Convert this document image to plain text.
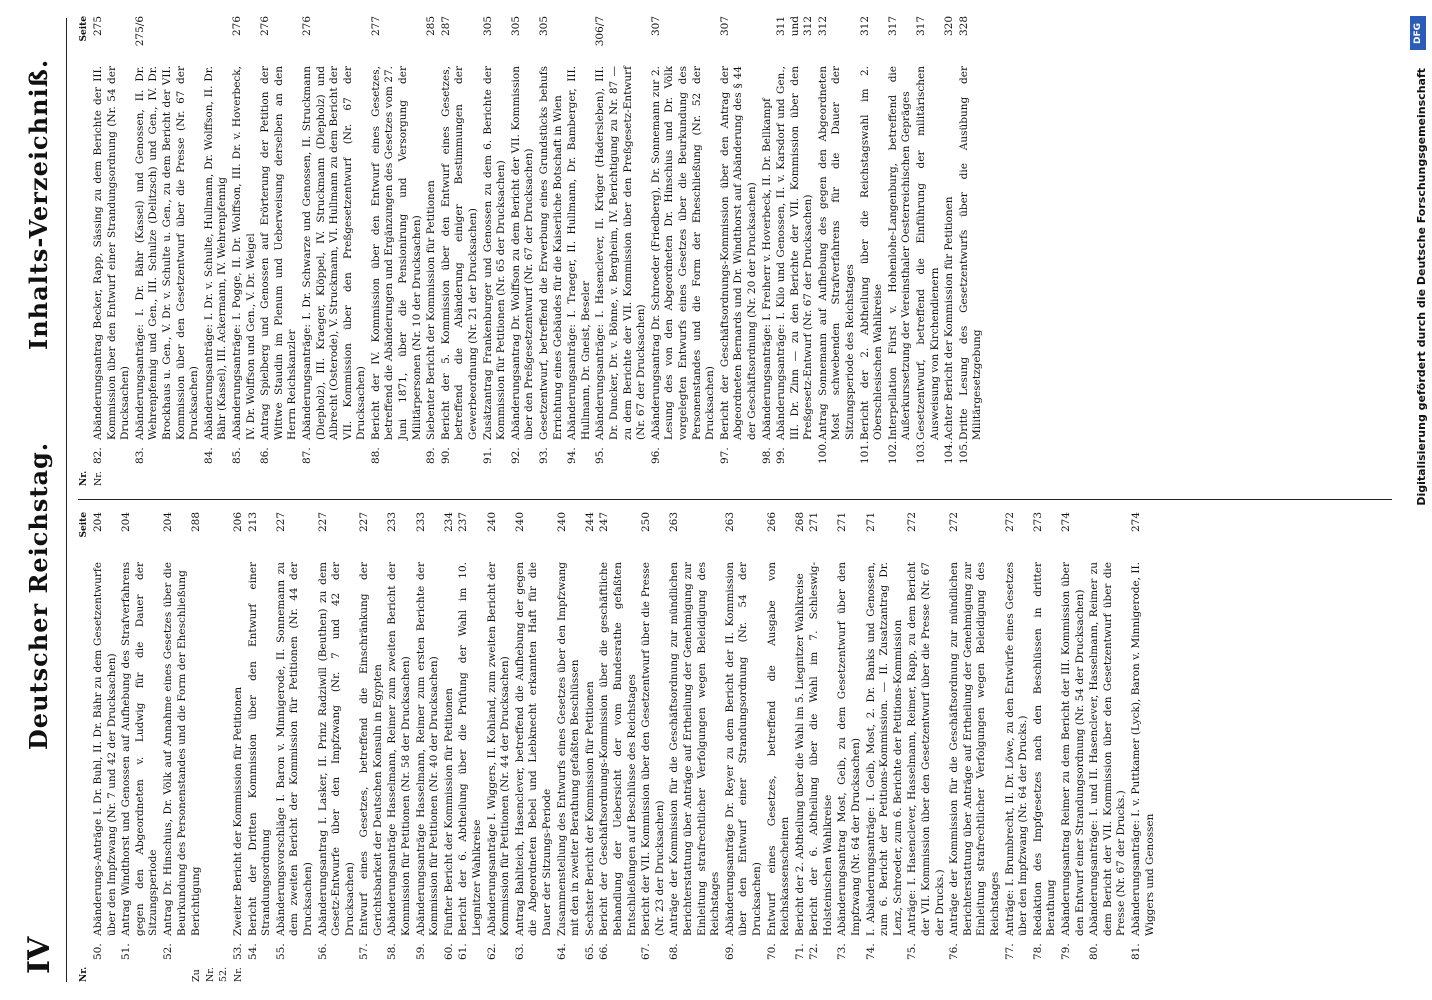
IV
Deutscher Reichstag.
Inhalts-Verzeichniß.
Nr.
Seite
50.
Abänderungs-Anträge I. Dr. Buhl, II. Dr. Bähr zu dem Gesetzentwurfe über den Impfzwang (Nr. 7 und 42 der Drucksachen)
204
51.
Antrag Windthorst und Genossen auf Aufhebung des Strafverfahrens gegen den Abgeordneten v. Ludwig für die Dauer der Sitzungsperiode
204
52.
Antrag Dr. Hinschius, Dr. Völk auf Annahme eines Gesetzes über die Beurkundung des Personenstandes und die Form der Eheschließung
204
Zu Nr. 52.
Berichtigung
288
Nr.
53.
Zweiter Bericht der Kommission für Petitionen
206
54.
Bericht der Dritten Kommission über den Entwurf einer Strandungsordnung
213
55.
Abänderungsvorschläge I. Baron v. Minnigerode, II. Sonnemann zu dem zweiten Bericht der Kommission für Petitionen (Nr. 44 der Drucksachen)
227
56.
Abänderungsantrag I. Lasker, II. Prinz Radziwill (Beuthen) zu dem Gesetz-Entwurfe über den Impfzwang (Nr. 7 und 42 der Drucksachen)
227
57.
Entwurf eines Gesetzes, betreffend die Einschränkung der Gerichtsbarkeit der Deutschen Konsuln in Egypten
227
58.
Abänderungsanträge Hasselmann, Reimer zum zweiten Bericht der Kommission für Petitionen (Nr. 58 der Drucksachen)
233
59.
Abänderungsanträge Hasselmann, Reimer zum ersten Berichte der Kommission für Petitionen (Nr. 40 der Drucksachen)
233
60.
Fünfter Bericht der Kommission für Petitionen
234
61.
Bericht der 6. Abtheilung über die Prüfung der Wahl im 10. Liegnitzer Wahlkreise
237
62.
Abänderungsanträge I. Wiggers, II. Kohland, zum zweiten Bericht der Kommission für Petitionen (Nr. 44 der Drucksachen)
240
63.
Antrag Bahlteich, Hasenclever, betreffend die Aufhebung der gegen die Abgeordneten Bebel und Liebknecht erkannten Haft für die Dauer der Sitzungs-Periode
240
64.
Zusammenstellung des Entwurfs eines Gesetzes über den Impfzwang mit den in zweiter Berathung gefaßten Beschlüssen
240
65.
Sechster Bericht der Kommission für Petitionen
244
66.
Bericht der Geschäftsordnungs-Kommission über die geschäftliche Behandlung der Uebersicht der vom Bundesrathe gefaßten Entschließungen auf Beschlüsse des Reichstages
247
67.
Bericht der VII. Kommission über den Gesetzentwurf über die Presse (Nr. 23 der Drucksachen)
250
68.
Anträge der Kommission für die Geschäftsordnung zur mündlichen Berichterstattung über Anträge auf Ertheilung der Genehmigung zur Einleitung strafrechtlicher Verfolgungen wegen Beleidigung des Reichstages
263
69.
Abänderungsanträge Dr. Reyer zu dem Bericht der II. Kommission über den Entwurf einer Strandungsordnung (Nr. 54 der Drucksachen)
263
70.
Entwurf eines Gesetzes, betreffend die Ausgabe von Reichskassenscheinen
266
71.
Bericht der 2. Abtheilung über die Wahl im 5. Liegnitzer Wahlkreise
268
72.
Bericht der 6. Abtheilung über die Wahl im 7. Schleswig-Holsteinischen Wahlkreise
271
73.
Abänderungsantrag Most, Geib, zu dem Gesetzentwurf über den Impfzwang (Nr. 64 der Drucksachen)
271
74.
I. Abänderungsanträge: I. Geib, Most, 2. Dr. Banks und Genossen, zum 6. Bericht der Petitions-Kommission. — II. Zusatzantrag Dr. Lenz, Schroeder, zum 6. Berichte der Petitions-Kommission
271
75.
Anträge: I. Hasenclever, Hasselmann, Reimer, Rapp, zu dem Bericht der VII. Kommission über den Gesetzentwurf über die Presse (Nr. 67 der Drucks.)
272
76.
Anträge der Kommission für die Geschäftsordnung zur mündlichen Berichterstattung über Anträge auf Ertheilung der Genehmigung zur Einleitung strafrechtlicher Verfolgungen wegen Beleidigung des Reichstages
272
77.
Anträge: I. Brumbrecht, II. Dr. Löwe, zu den Entwürfe eines Gesetzes über den Impfzwang (Nr. 64 der Drucks.)
272
78.
Redaktion des Impfgesetzes nach den Beschlüssen in dritter Berathung
273
79.
Abänderungsantrag Reimer zu dem Bericht der III. Kommission über den Entwurf einer Strandungsordnung (Nr. 54 der Drucksachen)
274
80.
Abänderungsanträge: I. und II. Hasenclever, Hasselmann, Reimer zu dem Bericht der VII. Kommission über den Gesetzentwurf über die Presse (Nr. 67 der Drucks.)
81.
Abänderungsanträge: I. v. Puttkamer (Lyck), Baron v. Minnigerode, II. Wiggers und Genossen
274
Nr.
Seite
Nr.
82.
Abänderungsantrag Becker, Rapp, Sässing zu dem Berichte der III. Kommission über den Entwurf einer Strandungsordnung (Nr. 54 der Drucksachen)
275
83.
Abänderungsanträge: I. Dr. Bähr (Kassel) und Genossen, II. Dr. Wehrenpfennig und Gen., III. Schulze (Delitzsch) und Gen., IV. Dr. Brockhaus u. Gen., V. Dr. v. Schulte u. Gen., zu dem Bericht der VII. Kommission über den Gesetzentwurf über die Presse (Nr. 67 der Drucksachen)
275/6
84.
Abänderungsanträge: I. Dr. v. Schulte, Hullmann, Dr. Wolffson, II. Dr. Bähr (Kassel), III. Ackermann, IV. Wehrenpfennig
85.
Abänderungsanträge: I. Pogge, II. Dr. Wolffson, III. Dr. v. Hoverbeck, IV. Dr. Wolffson und Gen., V. Dr. Weigel
276
86.
Antrag Spielberg und Genossen auf Erörterung der Petition der Wittwe Staudin im Plenum und Ueberweisung derselben an den Herrn Reichskanzler
276
87.
Abänderungsanträge: I. Dr. Schwarze und Genossen, II. Struckmann (Diepholz), III. Kraeger, Klöppel, IV. Struckmann (Diepholz) und Albrecht (Osterode), V. Struckmann, VI. Hullmann zu dem Bericht der VII. Kommission über den Preßgesetzentwurf (Nr. 67 der Drucksachen)
276
88.
Bericht der IV. Kommission über den Entwurf eines Gesetzes, betreffend die Abänderungen und Ergänzungen des Gesetzes vom 27. Juni 1871, über die Pensionirung und Versorgung der Militärpersonen (Nr. 10 der Drucksachen)
277
89.
Siebenter Bericht der Kommission für Petitionen
285
90.
Bericht der 5. Kommission über den Entwurf eines Gesetzes, betreffend die Abänderung einiger Bestimmungen der Gewerbeordnung (Nr. 21 der Drucksachen)
287
91.
Zusätzantrag Frankenburger und Genossen zu dem 6. Berichte der Kommission für Petitionen (Nr. 65 der Drucksachen)
305
92.
Abänderungsantrag Dr. Wolffson zu dem Bericht der VII. Kommission über den Preßgesetzentwurf (Nr. 67 der Drucksachen)
305
93.
Gesetzentwurf, betreffend die Erwerbung eines Grundstücks behufs Errichtung eines Gebäudes für die Kaiserliche Botschaft in Wien
305
94.
Abänderungsanträge: I. Traeger, II. Hullmann, Dr. Bamberger, III. Hullmann, Dr. Gneist, Beseler
95.
Abänderungsanträge: I. Hasenclever, II. Krüger (Hadersleben), III. Dr. Duncker, Dr. v. Bönne, v. Bergheim, IV. Berichtigung zu Nr. 87 — zu dem Berichte der VII. Kommission über den Preßgesetz-Entwurf (Nr. 67 der Drucksachen)
306/7
96.
Abänderungsantrag Dr. Schroeder (Friedberg), Dr. Sonnemann zur 2. Lesung des von den Abgeordneten Dr. Hinschius und Dr. Völk vorgelegten Entwurfs eines Gesetzes über die Beurkundung des Personenstandes und die Form der Eheschließung (Nr. 52 der Drucksachen)
307
97.
Bericht der Geschäftsordnungs-Kommission über den Antrag der Abgeordneten Bernards und Dr. Windthorst auf Abänderung des § 44 der Geschäftsordnung (Nr. 20 der Drucksachen)
307
98.
Abänderungsanträge: I. Freiherr v. Hoverbeck, II. Dr. Bellkampf
99.
Abänderungsanträge: I. Kilo und Genossen, II. v. Karsdorf und Gen., III. Dr. Zinn — zu den Berichte der VII. Kommission über den Preßgesetz-Entwurf (Nr. 67 der Drucksachen)
311
und
312
100.
Antrag Sonnemann auf Aufhebung des gegen den Abgeordneten Most schwebenden Strafverfahrens für die Dauer der Sitzungsperiode des Reichstages
312
101.
Bericht der 2. Abtheilung über die Reichstagswahl im 2. Oberschlesischen Wahlkreise
312
102.
Interpellation Fürst v. Hohenlohe-Langenburg, betreffend die Außerkurssetzung der Vereinsthaler Oesterreichischen Gepräges
317
103.
Gesetzentwurf, betreffend die Einführung der militärischen Ausweisung von Kirchendienern
317
104.
Achter Bericht der Kommission für Petitionen
320
105.
Dritte Lesung des Gesetzentwurfs über die Ausübung der Militärgesetzgebung
328	DFG
Digitalisierung gefördert durch die Deutsche Forschungsgemeinschaft
